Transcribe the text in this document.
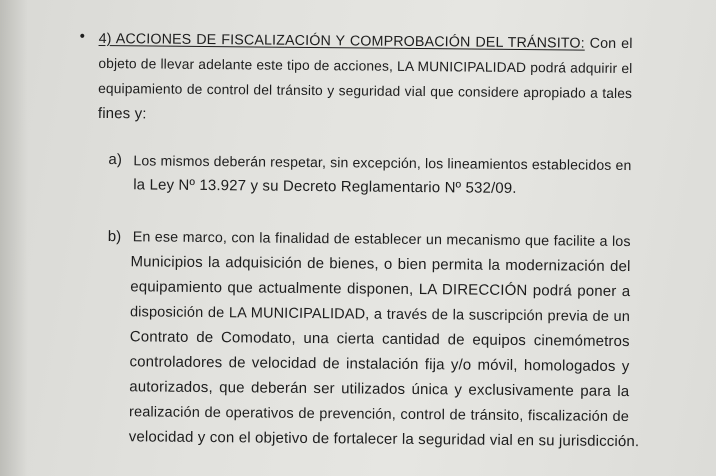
• 4) ACCIONES DE FISCALIZACIÓN Y COMPROBACIÓN DEL TRÁNSITO: Con el
objeto de llevar adelante este tipo de acciones, LA MUNICIPALIDAD podrá adquirir el
equipamiento de control del tránsito y seguridad vial que considere apropiado a tales
fines y:
a) Los mismos deberán respetar, sin excepción, los lineamientos establecidos en
la Ley Nº 13.927 y su Decreto Reglamentario Nº 532/09.
b) En ese marco, con la finalidad de establecer un mecanismo que facilite a los
Municipios la adquisición de bienes, o bien permita la modernización del
equipamiento que actualmente disponen, LA DIRECCIÓN podrá poner a
disposición de LA MUNICIPALIDAD, a través de la suscripción previa de un
Contrato de Comodato, una cierta cantidad de equipos cinemómetros
controladores de velocidad de instalación fija y/o móvil, homologados y
autorizados, que deberán ser utilizados única y exclusivamente para la
realización de operativos de prevención, control de tránsito, fiscalización de
velocidad y con el objetivo de fortalecer la seguridad vial en su jurisdicción.
